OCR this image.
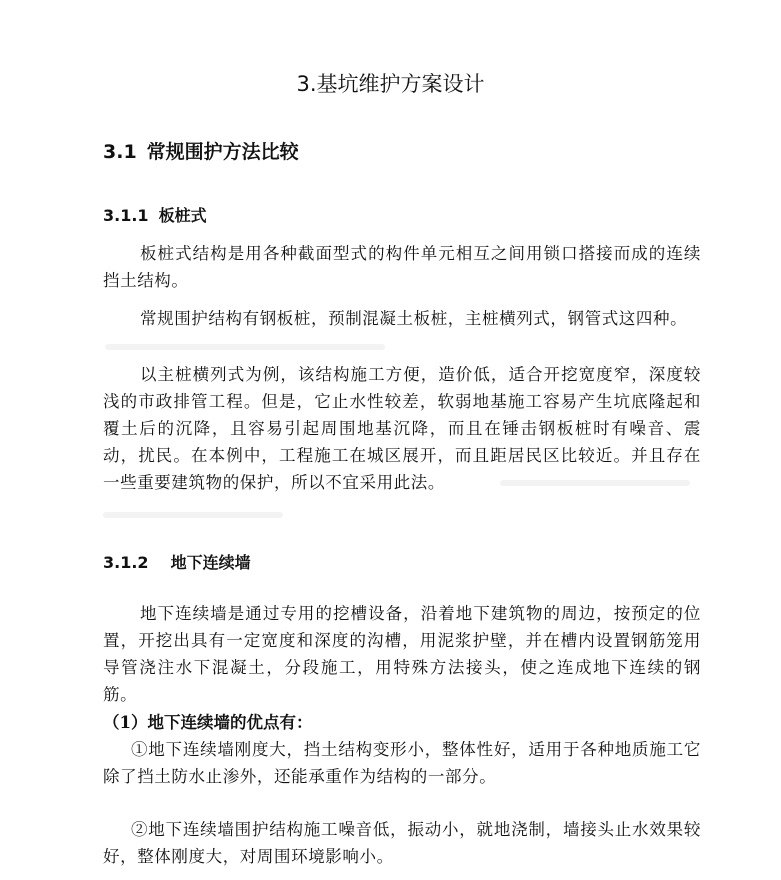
3.基坑维护方案设计
3.1 常规围护方法比较
3.1.1 板桩式

板桩式结构是用各种截面型式的构件单元相互之间用锁口搭接而成的连续挡土结构。

常规围护结构有钢板桩，预制混凝土板桩，主桩横列式，钢管式这四种。

以主桩横列式为例，该结构施工方便，造价低，适合开挖宽度窄，深度较浅的市政排管工程。但是，它止水性较差，软弱地基施工容易产生坑底隆起和覆土后的沉降，且容易引起周围地基沉降，而且在锤击钢板桩时有噪音、震动，扰民。在本例中，工程施工在城区展开，而且距居民区比较近。并且存在一些重要建筑物的保护，所以不宜采用此法。

3.1.2 地下连续墙

地下连续墙是通过专用的挖槽设备，沿着地下建筑物的周边，按预定的位置，开挖出具有一定宽度和深度的沟槽，用泥浆护壁，并在槽内设置钢筋笼用导管浇注水下混凝土，分段施工，用特殊方法接头，使之连成地下连续的钢筋。

（1）地下连续墙的优点有：

①地下连续墙刚度大，挡土结构变形小，整体性好，适用于各种地质施工它除了挡土防水止渗外，还能承重作为结构的一部分。

②地下连续墙围护结构施工噪音低，振动小，就地浇制，墙接头止水效果较好，整体刚度大，对周围环境影响小。
